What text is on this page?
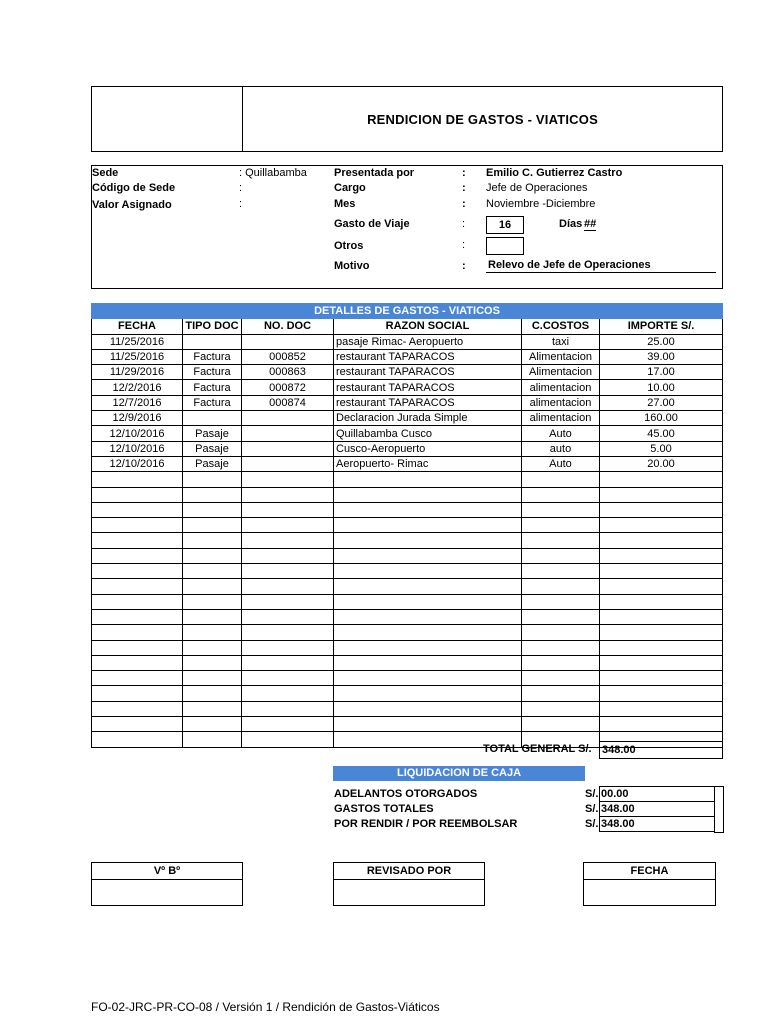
RENDICION DE GASTOS - VIATICOS
Sede	: Quillabamba
Código de Sede	:
Valor Asignado	:
Presentada por	: Emilio C. Gutierrez Castro
Cargo	: Jefe de Operaciones
Mes	: Noviembre -Diciembre
Gasto de Viaje	:	16	Días ##
Otros	:
Motivo	: Relevo de Jefe de Operaciones
DETALLES DE GASTOS - VIATICOS					
FECHA	TIPO DOC	NO. DOC	RAZON SOCIAL	C.COSTOS	IMPORTE S/.
11/25/2016			pasaje Rimac- Aeropuerto	taxi	25.00
11/25/2016	Factura	000852	restaurant TAPARACOS	Alimentacion	39.00
11/29/2016	Factura	000863	restaurant TAPARACOS	Alimentacion	17.00
12/2/2016	Factura	000872	restaurant TAPARACOS	alimentacion	10.00
12/7/2016	Factura	000874	restaurant TAPARACOS	alimentacion	27.00
12/9/2016			Declaracion Jurada Simple	alimentacion	160.00
12/10/2016	Pasaje		Quillabamba Cusco	Auto	45.00
12/10/2016	Pasaje		Cusco-Aeropuerto	auto	5.00
12/10/2016	Pasaje		Aeropuerto- Rimac	Auto	20.00

TOTAL GENERAL S/. 348.00
LIQUIDACION DE CAJA
ADELANTOS OTORGADOS	S/. 00.00
GASTOS TOTALES	S/. 348.00
POR RENDIR / POR REEMBOLSAR	S/. 348.00
Vº Bº	REVISADO POR	FECHA
FO-02-JRC-PR-CO-08 / Versión 1 / Rendición de Gastos-Viáticos
